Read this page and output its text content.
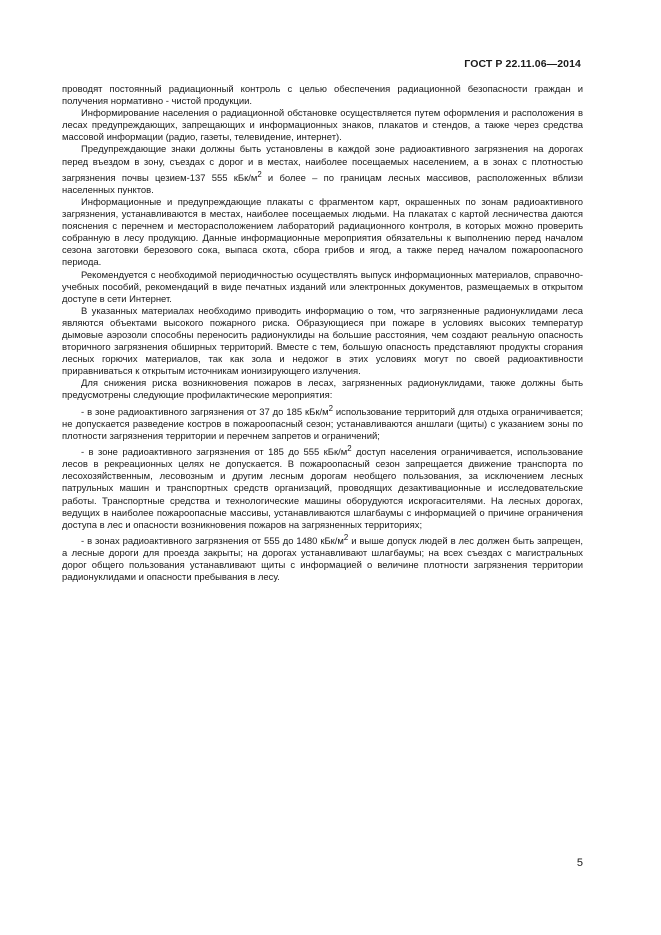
ГОСТ Р 22.11.06—2014

проводят постоянный радиационный контроль с целью обеспечения радиационной безопасности граждан и получения нормативно - чистой продукции.

Информирование населения о радиационной обстановке осуществляется путем оформления и расположения в лесах предупреждающих, запрещающих и информационных знаков, плакатов и стендов, а также через средства массовой информации (радио, газеты, телевидение, интернет).

Предупреждающие знаки должны быть установлены в каждой зоне радиоактивного загрязнения на дорогах перед въездом в зону, съездах с дорог и в местах, наиболее посещаемых населением, а в зонах с плотностью загрязнения почвы цезием-137 555 кБк/$м^2$ и более – по границам лесных массивов, расположенных вблизи населенных пунктов.

Информационные и предупреждающие плакаты с фрагментом карт, окрашенных по зонам радиоактивного загрязнения, устанавливаются в местах, наиболее посещаемых людьми. На плакатах с картой лесничества даются пояснения с перечнем и месторасположением лабораторий радиационного контроля, в которых можно проверить собранную в лесу продукцию. Данные информационные мероприятия обязательны к выполнению перед началом сезона заготовки березового сока, выпаса скота, сбора грибов и ягод, а также перед началом пожароопасного периода.

Рекомендуется с необходимой периодичностью осуществлять выпуск информационных материалов, справочно-учебных пособий, рекомендаций в виде печатных изданий или электронных документов, размещаемых в открытом доступе в сети Интернет.

В указанных материалах необходимо приводить информацию о том, что загрязненные радионуклидами леса являются объектами высокого пожарного риска. Образующиеся при пожаре в условиях высоких температур дымовые аэрозоли способны переносить радионуклиды на большие расстояния, чем создают реальную опасность вторичного загрязнения обширных территорий. Вместе с тем, большую опасность представляют продукты сгорания лесных горючих материалов, так как зола и недожог в этих условиях могут по своей радиоактивности приравниваться к открытым источникам ионизирующего излучения.

Для снижения риска возникновения пожаров в лесах, загрязненных радионуклидами, также должны быть предусмотрены следующие профилактические мероприятия:

- в зоне радиоактивного загрязнения от 37 до 185 кБк/$м^2$ использование территорий для отдыха ограничивается; не допускается разведение костров в пожароопасный сезон; устанавливаются аншлаги (щиты) с указанием зоны по плотности загрязнения территории и перечнем запретов и ограничений;

- в зоне радиоактивного загрязнения от 185 до 555 кБк/$м^2$ доступ населения ограничивается, использование лесов в рекреационных целях не допускается. В пожароопасный сезон запрещается движение транспорта по лесохозяйственным, лесовозным и другим лесным дорогам необщего пользования, за исключением лесных патрульных машин и транспортных средств организаций, проводящих дезактивационные и исследовательские работы. Транспортные средства и технологические машины оборудуются искрогасителями. На лесных дорогах, ведущих в наиболее пожароопасные массивы, устанавливаются шлагбаумы с информацией о причине ограничения доступа в лес и опасности возникновения пожаров на загрязненных территориях;

- в зонах радиоактивного загрязнения от 555 до 1480 кБк/$м^2$ и выше допуск людей в лес должен быть запрещен, а лесные дороги для проезда закрыты; на дорогах устанавливают шлагбаумы; на всех съездах с магистральных дорог общего пользования устанавливают щиты с информацией о величине плотности загрязнения территории радионуклидами и опасности пребывания в лесу.

5
